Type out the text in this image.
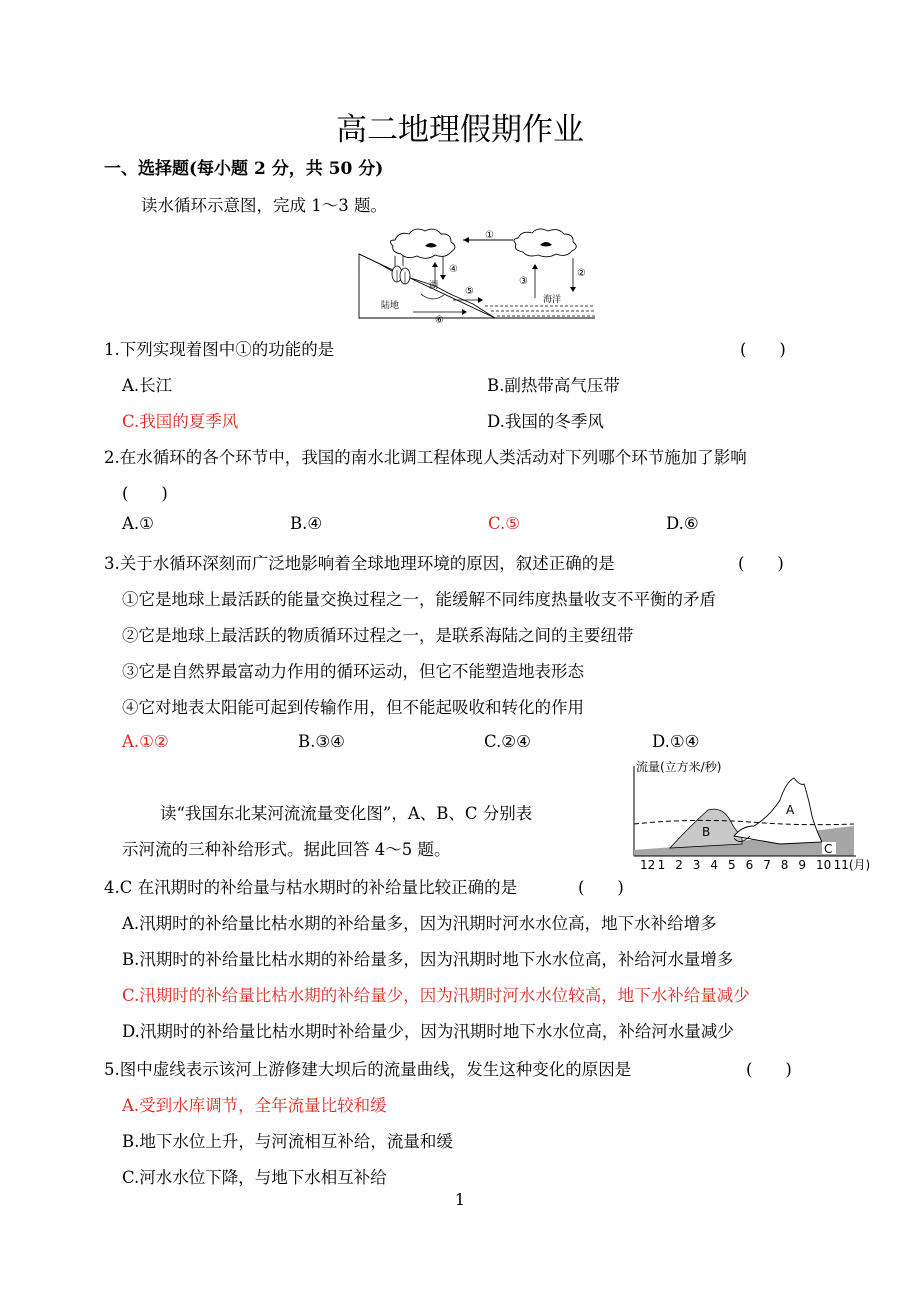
高二地理假期作业
一、选择题(每小题 2 分，共 50 分)
读水循环示意图，完成 1～3 题。
①
湖
④
⑤
⑥
陆地
海洋
③
②
1.下列实现着图中①的功能的是	(　　)
A.长江	B.副热带高气压带
C.我国的夏季风	D.我国的冬季风
2.在水循环的各个环节中，我国的南水北调工程体现人类活动对下列哪个环节施加了影响
(　　)
A.①	B.④	C.⑤	D.⑥
3.关于水循环深刻而广泛地影响着全球地理环境的原因，叙述正确的是	(　　)
①它是地球上最活跃的能量交换过程之一，能缓解不同纬度热量收支不平衡的矛盾
②它是地球上最活跃的物质循环过程之一，是联系海陆之间的主要纽带
③它是自然界最富动力作用的循环运动，但它不能塑造地表形态
④它对地表太阳能可起到传输作用，但不能起吸收和转化的作用
A.①②	B.③④	C.②④	D.①④
读“我国东北某河流流量变化图”，A、B、C 分别表
示河流的三种补给形式。据此回答 4～5 题。
流量(立方米/秒)
A
B
C
12 1 2 3 4 5 6 7 8 9 10 11(月)
4.C 在汛期时的补给量与枯水期时的补给量比较正确的是	(　　)
A.汛期时的补给量比枯水期的补给量多，因为汛期时河水水位高，地下水补给增多
B.汛期时的补给量比枯水期的补给量多，因为汛期时地下水水位高，补给河水量增多
C.汛期时的补给量比枯水期的补给量少，因为汛期时河水水位较高，地下水补给量减少
D.汛期时的补给量比枯水期时补给量少，因为汛期时地下水水位高，补给河水量减少
5.图中虚线表示该河上游修建大坝后的流量曲线，发生这种变化的原因是	(　　)
A.受到水库调节，全年流量比较和缓
B.地下水位上升，与河流相互补给，流量和缓
C.河水水位下降，与地下水相互补给
1
